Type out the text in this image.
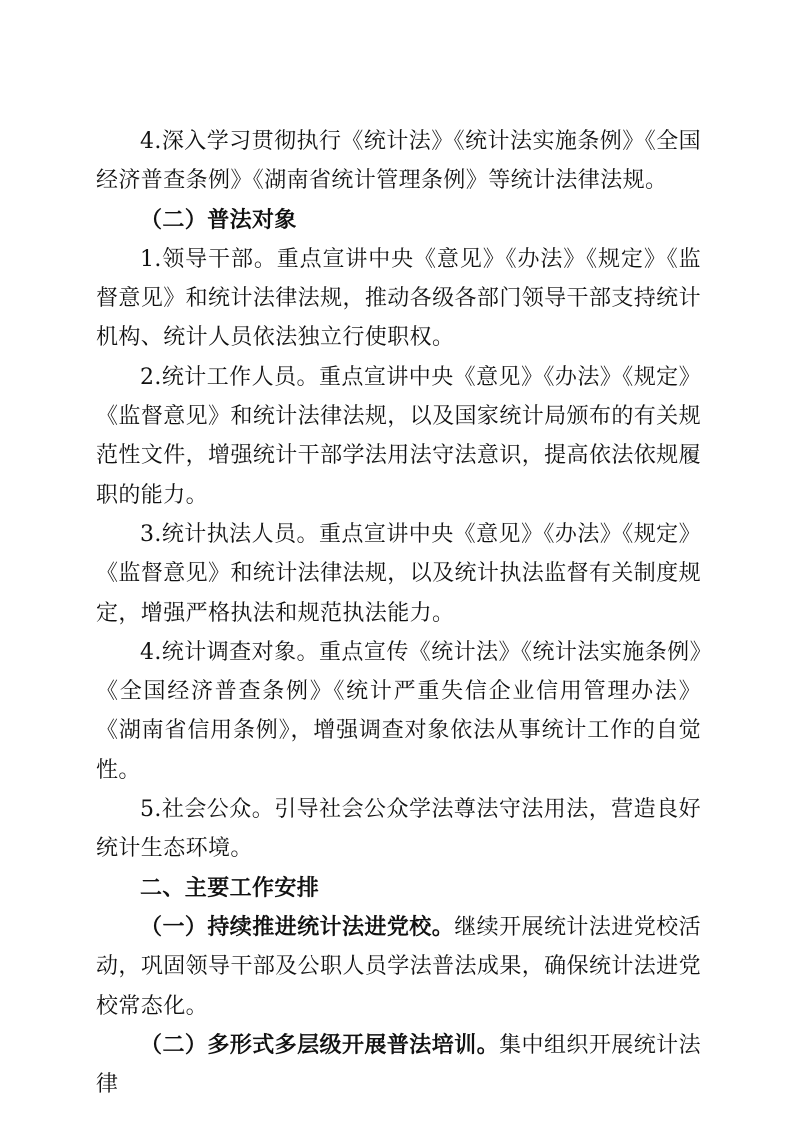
4.深入学习贯彻执行《统计法》《统计法实施条例》《全国经济普查条例》《湖南省统计管理条例》等统计法律法规。

（二）普法对象

1.领导干部。重点宣讲中央《意见》《办法》《规定》《监督意见》和统计法律法规，推动各级各部门领导干部支持统计机构、统计人员依法独立行使职权。

2.统计工作人员。重点宣讲中央《意见》《办法》《规定》《监督意见》和统计法律法规，以及国家统计局颁布的有关规范性文件，增强统计干部学法用法守法意识，提高依法依规履职的能力。

3.统计执法人员。重点宣讲中央《意见》《办法》《规定》《监督意见》和统计法律法规，以及统计执法监督有关制度规定，增强严格执法和规范执法能力。

4.统计调查对象。重点宣传《统计法》《统计法实施条例》《全国经济普查条例》《统计严重失信企业信用管理办法》《湖南省信用条例》，增强调查对象依法从事统计工作的自觉性。

5.社会公众。引导社会公众学法尊法守法用法，营造良好统计生态环境。

二、主要工作安排

（一）持续推进统计法进党校。继续开展统计法进党校活动，巩固领导干部及公职人员学法普法成果，确保统计法进党校常态化。

（二）多形式多层级开展普法培训。集中组织开展统计法律
